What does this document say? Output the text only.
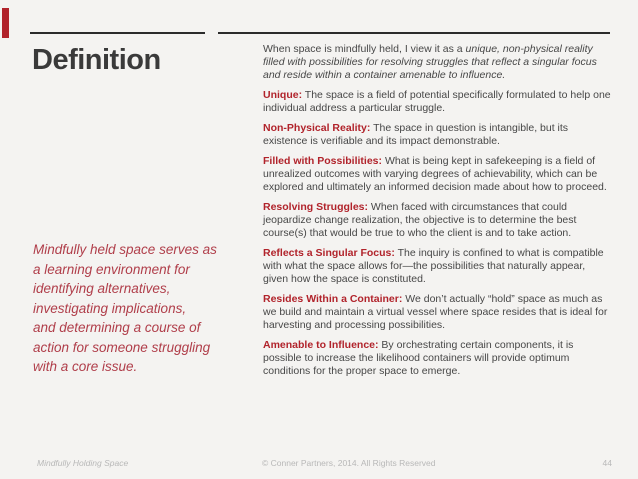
Definition
Mindfully held space serves as
a learning environment for
identifying alternatives,
investigating implications,
and determining a course of
action for someone struggling
with a core issue.

When space is mindfully held, I view it as a unique, non-physical reality filled with possibilities for resolving struggles that reflect a singular focus and reside within a container amenable to influence.

Unique: The space is a field of potential specifically formulated to help one individual address a particular struggle.

Non-Physical Reality: The space in question is intangible, but its existence is verifiable and its impact demonstrable.

Filled with Possibilities: What is being kept in safekeeping is a field of unrealized outcomes with varying degrees of achievability, which can be explored and ultimately an informed decision made about how to proceed.

Resolving Struggles: When faced with circumstances that could jeopardize change realization, the objective is to determine the best course(s) that would be true to who the client is and to take action.

Reflects a Singular Focus: The inquiry is confined to what is compatible with what the space allows for—the possibilities that naturally appear, given how the space is constituted.

Resides Within a Container: We don’t actually “hold” space as much as we build and maintain a virtual vessel where space resides that is ideal for harvesting and processing possibilities.

Amenable to Influence: By orchestrating certain components, it is possible to increase the likelihood containers will provide optimum conditions for the proper space to emerge.

Mindfully Holding Space	© Conner Partners, 2014. All Rights Reserved	44
